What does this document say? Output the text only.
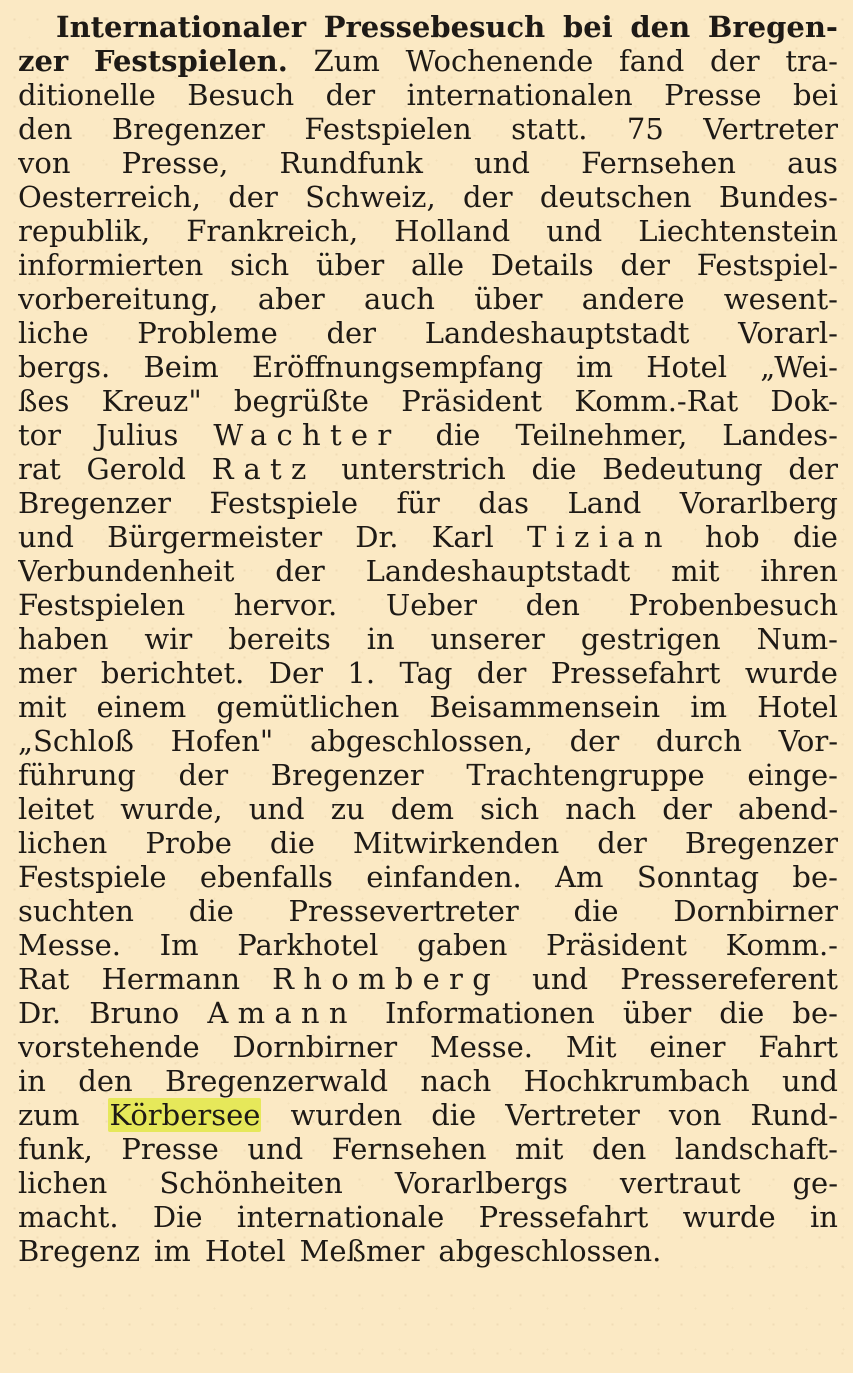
Internationaler Pressebesuch bei den Bregen-
zer Festspielen. Zum Wochenende fand der tra-
ditionelle Besuch der internationalen Presse bei
den Bregenzer Festspielen statt. 75 Vertreter
von Presse, Rundfunk und Fernsehen aus
Oesterreich, der Schweiz, der deutschen Bundes-
republik, Frankreich, Holland und Liechtenstein
informierten sich über alle Details der Festspiel-
vorbereitung, aber auch über andere wesent-
liche Probleme der Landeshauptstadt Vorarl-
bergs. Beim Eröffnungsempfang im Hotel „Wei-
ßes Kreuz" begrüßte Präsident Komm.-Rat Dok-
tor Julius Wachter die Teilnehmer, Landes-
rat Gerold Ratz unterstrich die Bedeutung der
Bregenzer Festspiele für das Land Vorarlberg
und Bürgermeister Dr. Karl Tizian hob die
Verbundenheit der Landeshauptstadt mit ihren
Festspielen hervor. Ueber den Probenbesuch
haben wir bereits in unserer gestrigen Num-
mer berichtet. Der 1. Tag der Pressefahrt wurde
mit einem gemütlichen Beisammensein im Hotel
„Schloß Hofen" abgeschlossen, der durch Vor-
führung der Bregenzer Trachtengruppe einge-
leitet wurde, und zu dem sich nach der abend-
lichen Probe die Mitwirkenden der Bregenzer
Festspiele ebenfalls einfanden. Am Sonntag be-
suchten die Pressevertreter die Dornbirner
Messe. Im Parkhotel gaben Präsident Komm.-
Rat Hermann Rhomberg und Pressereferent
Dr. Bruno Amann Informationen über die be-
vorstehende Dornbirner Messe. Mit einer Fahrt
in den Bregenzerwald nach Hochkrumbach und
zum Körbersee wurden die Vertreter von Rund-
funk, Presse und Fernsehen mit den landschaft-
lichen Schönheiten Vorarlbergs vertraut ge-
macht. Die internationale Pressefahrt wurde in
Bregenz im Hotel Meßmer abgeschlossen.
